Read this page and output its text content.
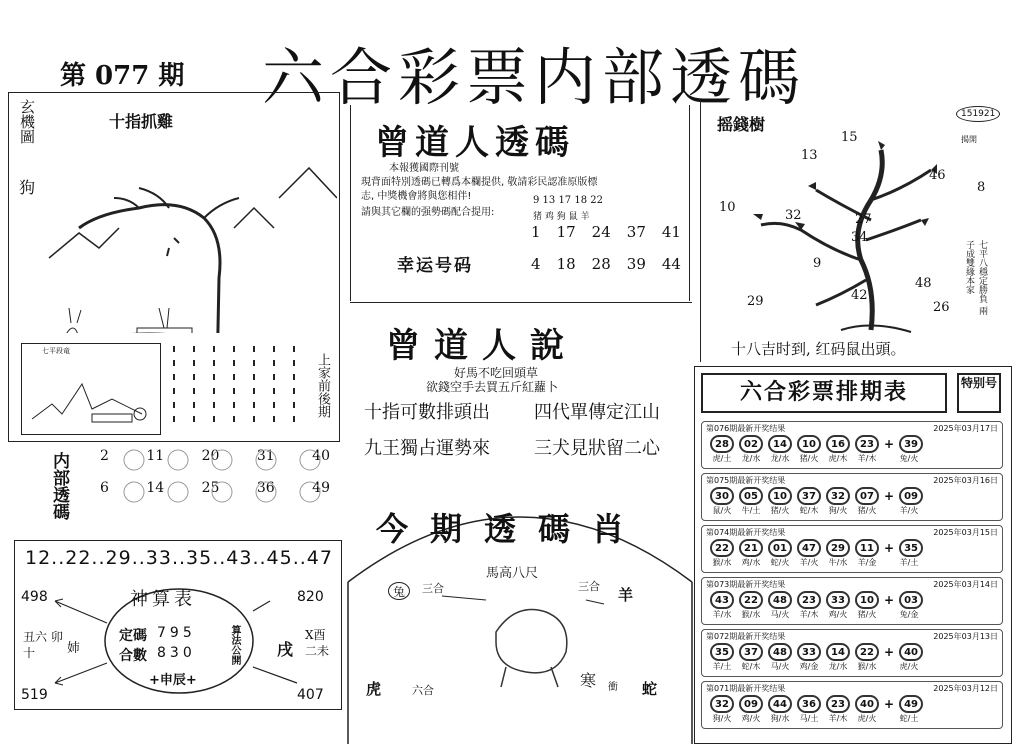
第 077 期 六合彩票内部透碼
玄機圖
狗
十指抓雞
七平段竜
上家前後期
内部透碼 2	11	20	31	40
6	14	25	36	49
12..22..29..33..35..43..45..47
498	820
519	407
丑六 卯十	姉	戌
X酉 二未
神算表
定碼 795
合數 830	算法公開
+申辰+
曾道人透碼
本報獲國際刊號
現背面特別透碼已轉爲本欄提供, 敬請彩民認准原版標
志, 中獎機會將與您相伴!
請與其它欄的强勢碼配合提用:
9 13 17 18 22
猪 鸡 狗 鼠 羊
幸运号码
1 17 24 37 41
4 18 28 39 44
曾道人說
好馬不吃回頭草
欲錢空手去買五斤紅蘿卜
十指可數排頭出 四代單傳定江山
九王獨占運勢來 三犬見狀留二心
今期透碼肖
馬高八尺
兔	三合	三合 羊
虎	六合
寒 衝 蛇
摇錢樹
151921
揭開
15
13
46
8
10
32	27
34
9
48
42
29	26	七平八穩定勝負 兩子成雙緣本家
十八吉时到, 红码鼠出頭。
六合彩票排期表	特别号
第076期最新开奖结果	2025年03月17日
28	02	14	10	16	23 +	39
虎/土	龙/水	龙/水	猪/火	虎/木	羊/木	兔/火
第075期最新开奖结果	2025年03月16日
30	05	10	37	32	07 +	09
鼠/火	牛/土	猪/火	蛇/木	狗/火	猪/火	羊/火
第074期最新开奖结果	2025年03月15日
22	21	01	47	29	11 +	35
猴/水	鸡/水	蛇/火	羊/火	牛/水	羊/金	羊/土
第073期最新开奖结果	2025年03月14日
43	22	48	23	33	10 +	03
羊/水	猴/水	马/火	羊/木	鸡/火	猪/火	兔/金
第072期最新开奖结果	2025年03月13日
35	37	48	33	14	22 +	40
羊/土	蛇/木	马/火	鸡/金	龙/水	猴/水	虎/火
第071期最新开奖结果	2025年03月12日
32	09	44	36	23	40 +	49
狗/火	鸡/火	狗/水	马/土	羊/木	虎/火	蛇/土
